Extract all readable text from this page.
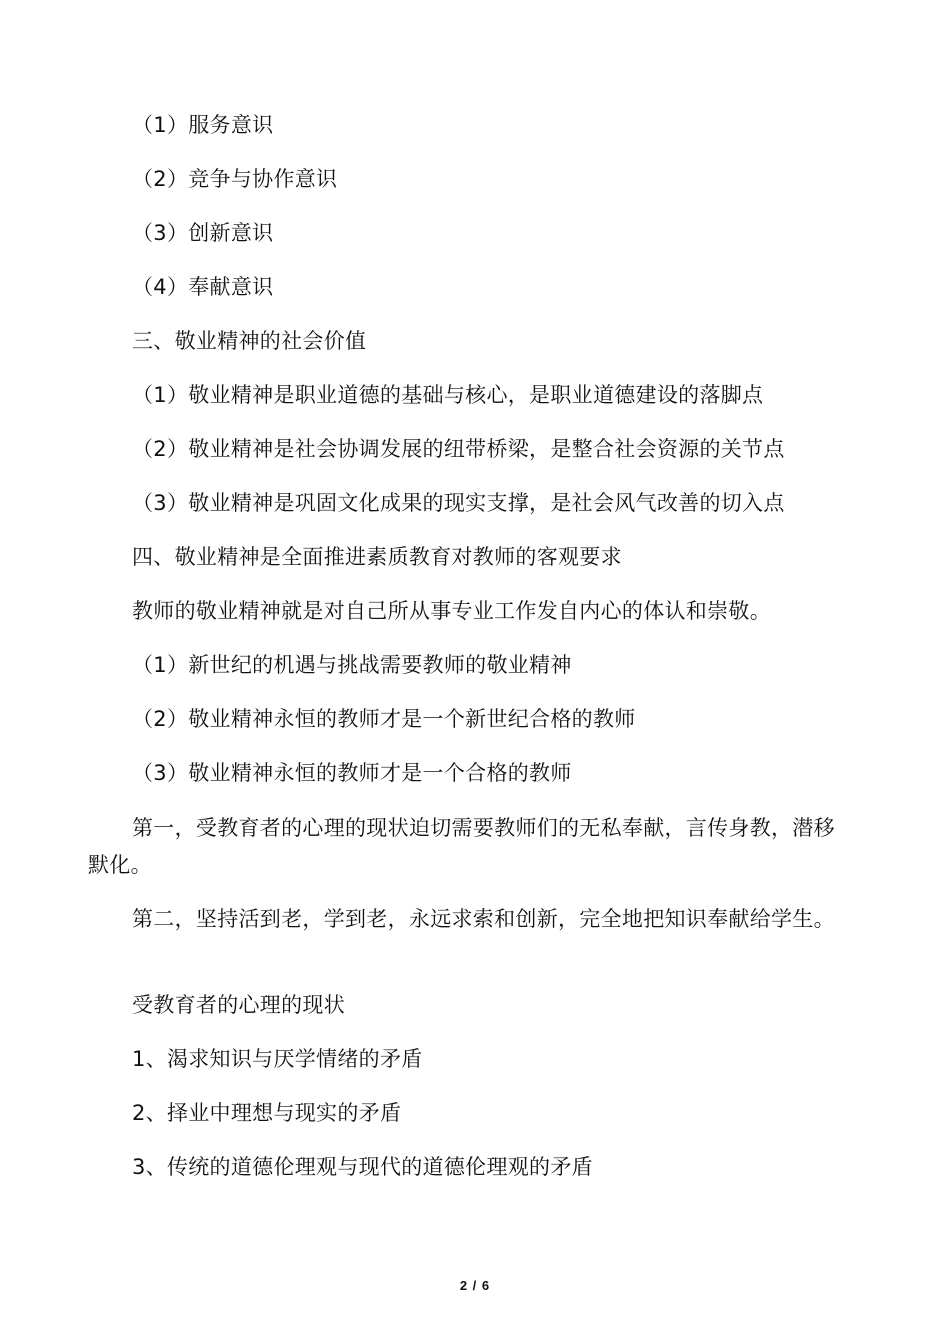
（1）服务意识
（2）竞争与协作意识
（3）创新意识
（4）奉献意识
三、敬业精神的社会价值
（1）敬业精神是职业道德的基础与核心，是职业道德建设的落脚点
（2）敬业精神是社会协调发展的纽带桥梁，是整合社会资源的关节点
（3）敬业精神是巩固文化成果的现实支撑，是社会风气改善的切入点
四、敬业精神是全面推进素质教育对教师的客观要求
教师的敬业精神就是对自己所从事专业工作发自内心的体认和崇敬。
（1）新世纪的机遇与挑战需要教师的敬业精神
（2）敬业精神永恒的教师才是一个新世纪合格的教师
（3）敬业精神永恒的教师才是一个合格的教师
第一，受教育者的心理的现状迫切需要教师们的无私奉献，言传身教，潜移默化。
第二，坚持活到老，学到老，永远求索和创新，完全地把知识奉献给学生。
受教育者的心理的现状
1、渴求知识与厌学情绪的矛盾
2、择业中理想与现实的矛盾
3、传统的道德伦理观与现代的道德伦理观的矛盾
2 / 6
